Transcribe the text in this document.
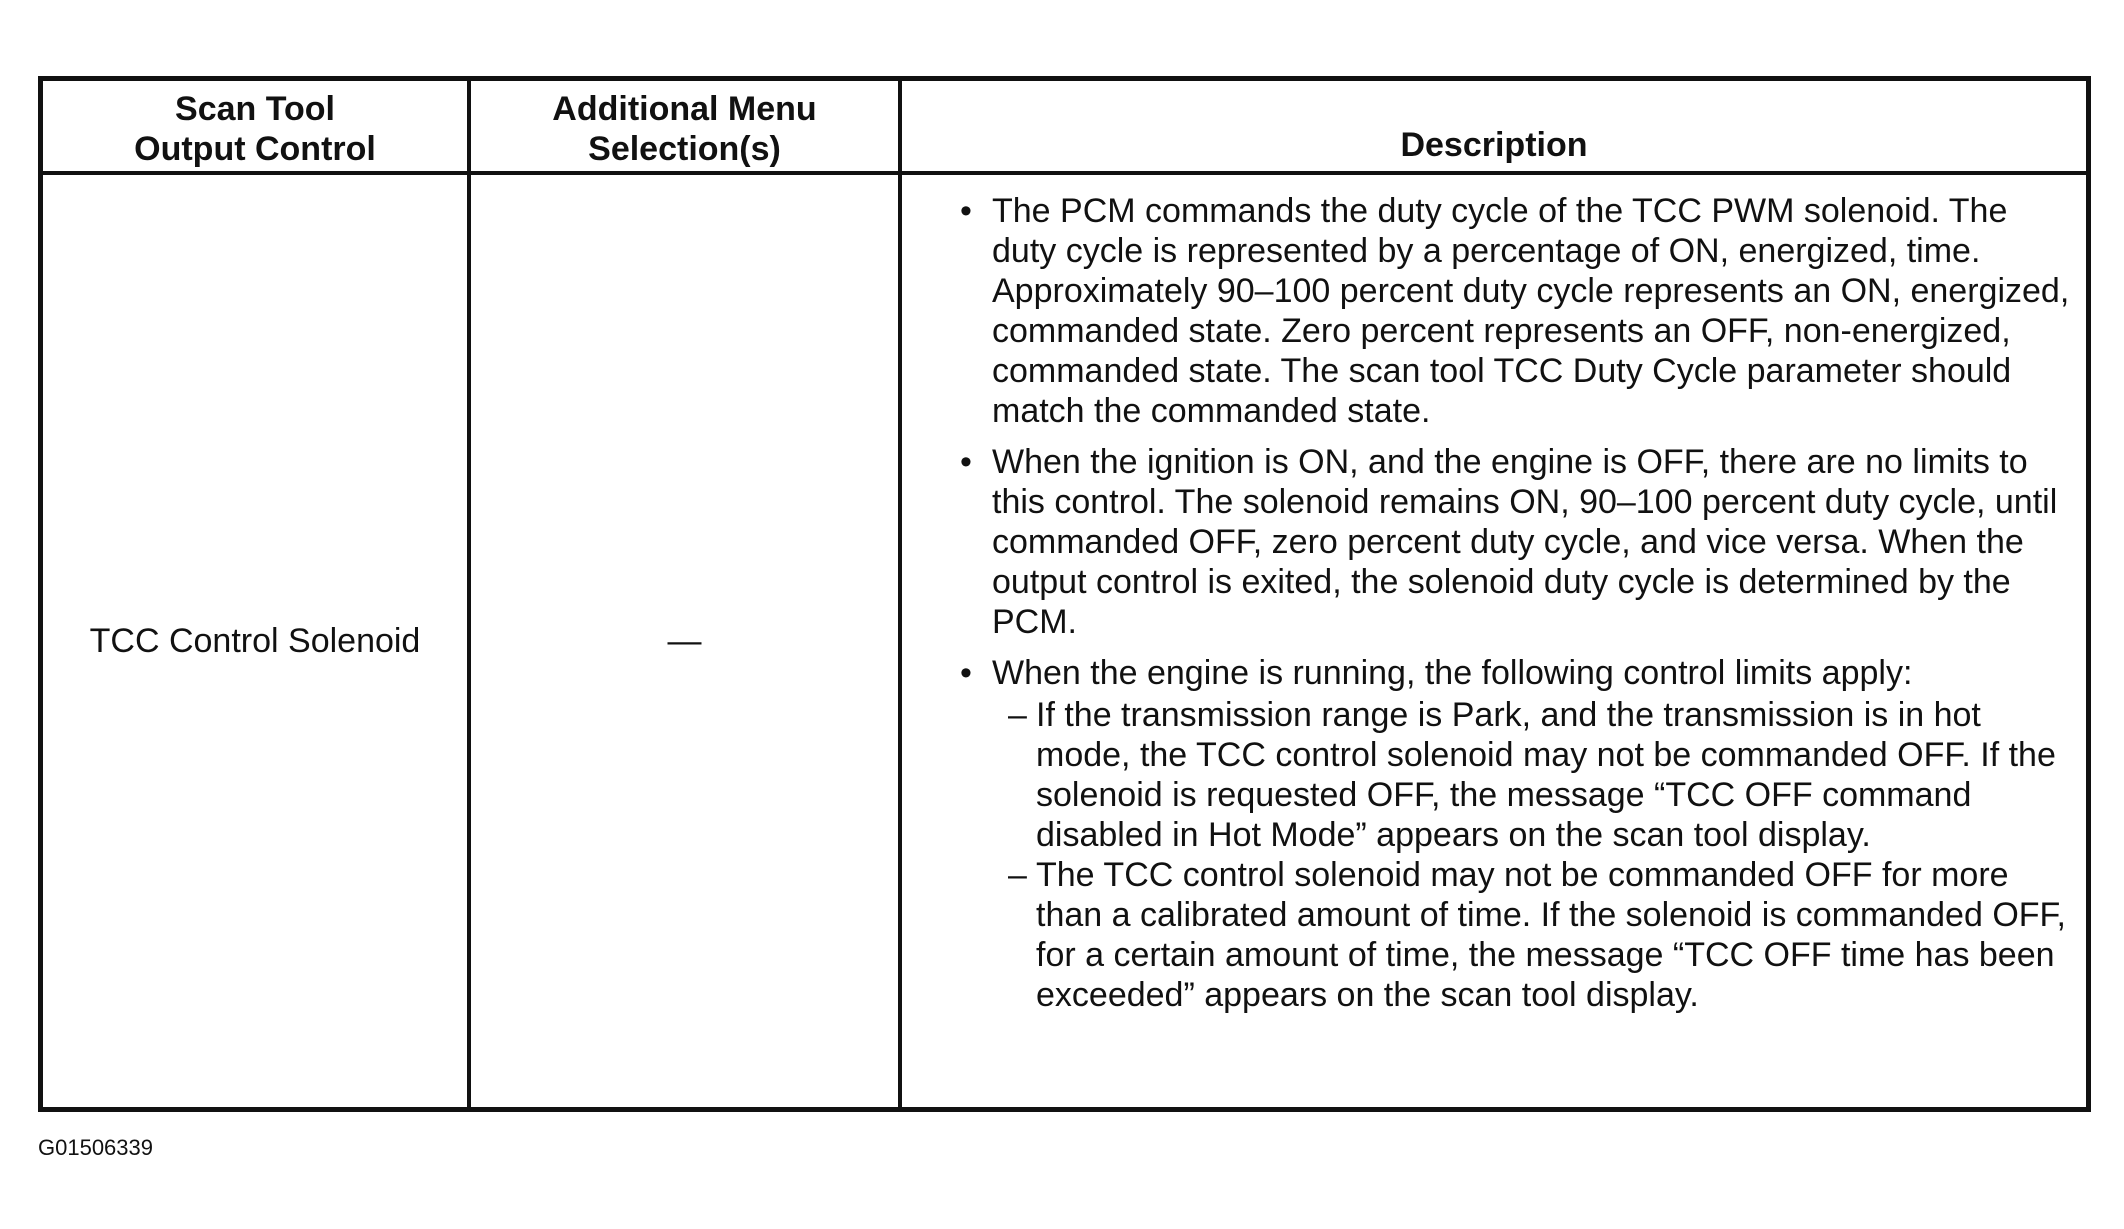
Scan Tool
Output Control
Additional Menu
Selection(s)	Description
TCC Control Solenoid	—
• The PCM commands the duty cycle of the TCC PWM solenoid. The duty cycle is represented by a percentage of ON, energized, time. Approximately 90–100 percent duty cycle represents an ON, energized, commanded state. Zero percent represents an OFF, non-energized, commanded state. The scan tool TCC Duty Cycle parameter should match the commanded state.
• When the ignition is ON, and the engine is OFF, there are no limits to this control. The solenoid remains ON, 90–100 percent duty cycle, until commanded OFF, zero percent duty cycle, and vice versa. When the output control is exited, the solenoid duty cycle is determined by the PCM.
• When the engine is running, the following control limits apply:
– If the transmission range is Park, and the transmission is in hot mode, the TCC control solenoid may not be commanded OFF. If the solenoid is requested OFF, the message “TCC OFF command disabled in Hot Mode” appears on the scan tool display.
– The TCC control solenoid may not be commanded OFF for more than a calibrated amount of time. If the solenoid is commanded OFF, for a certain amount of time, the message “TCC OFF time has been exceeded” appears on the scan tool display.
G01506339
